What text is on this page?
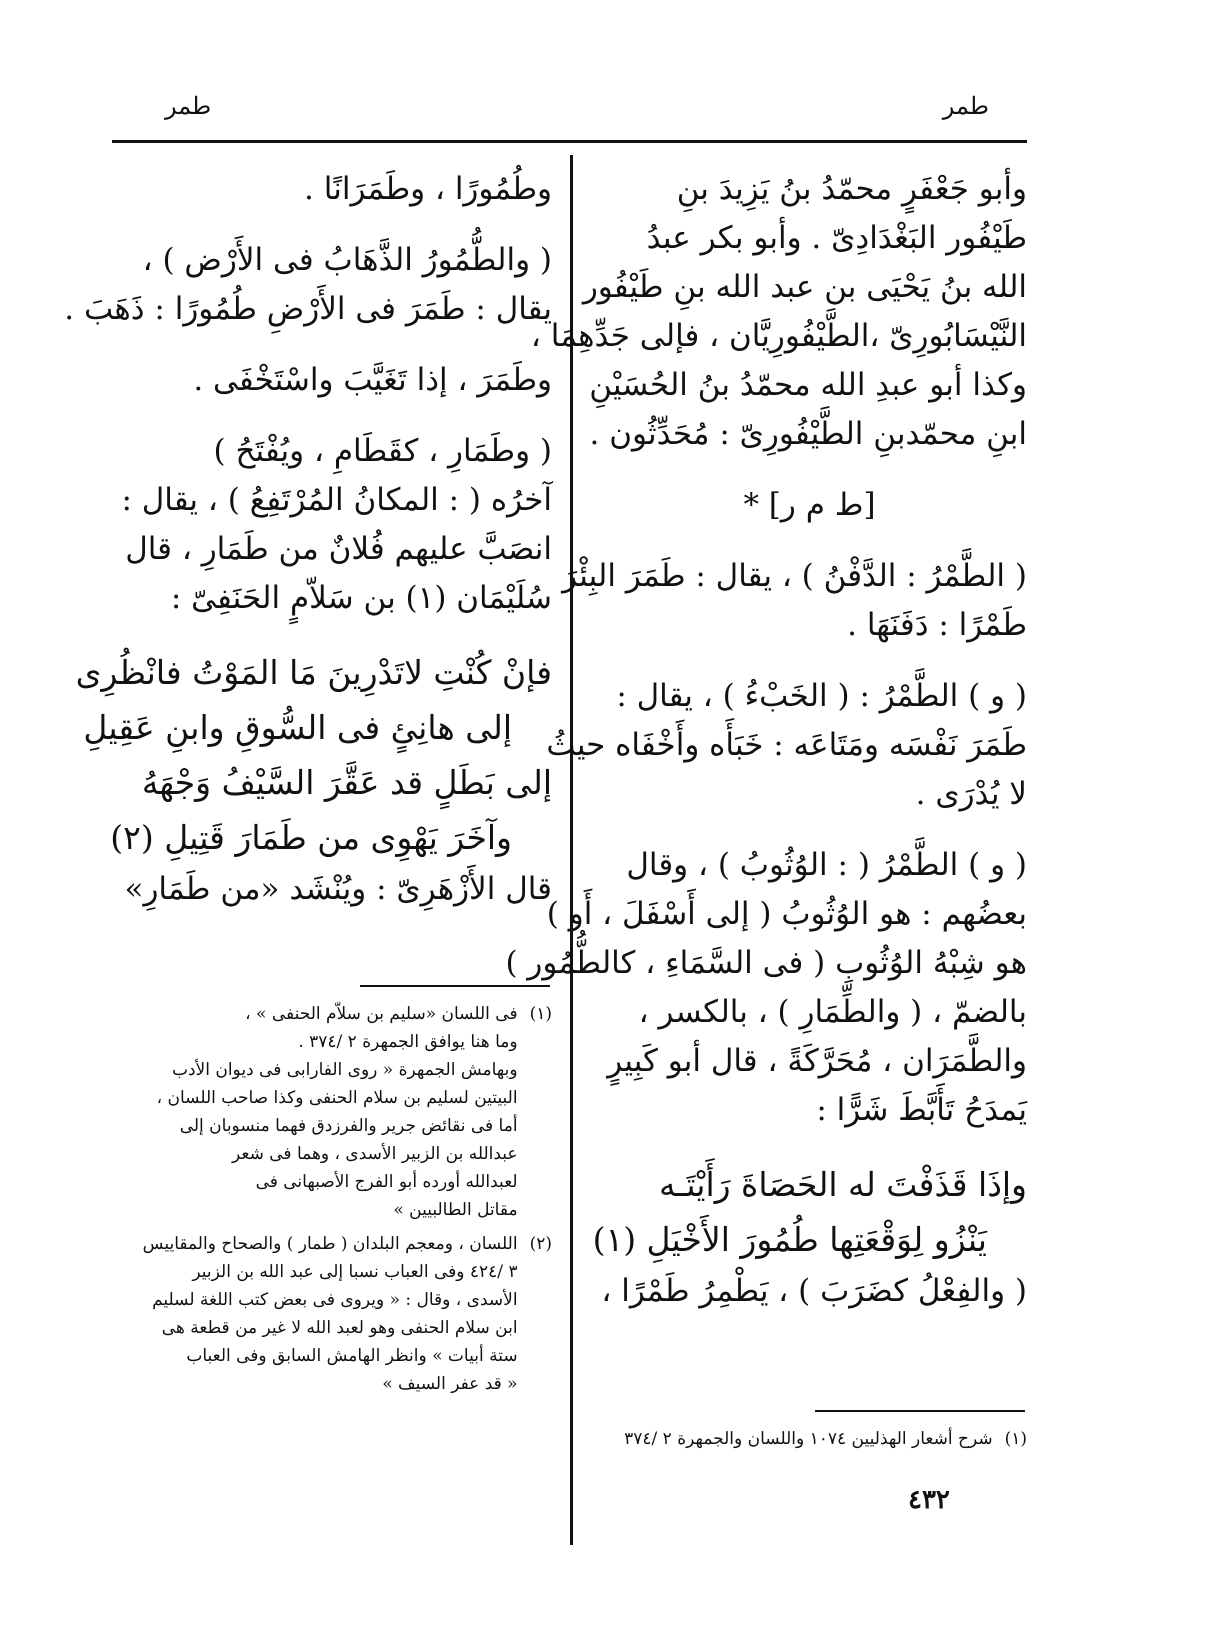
طمر
طمر
وأبو جَعْفَرٍ محمّدُ بنُ يَزِيدَ بنِ
طَيْفُور البَغْدَادِىّ . وأبو بكر عبدُ
الله بنُ يَحْيَى بن عبد الله بنِ طَيْفُور
النَّيْسَابُورِىّ ،الطَّيْفُورِيَّان ، فإلى جَدِّهِمَا ،
وكذا أبو عبدِ الله محمّدُ بنُ الحُسَيْنِ
ابنِ محمّدبنِ الطَّيْفُورِىّ : مُحَدِّثُون .
[ط م ر] *
( الطَّمْرُ : الدَّفْنُ ) ، يقال : طَمَرَ البِئْرَ
طَمْرًا : دَفَنَهَا .
( و ) الطَّمْرُ : ( الخَبْءُ ) ، يقال :
طَمَرَ نَفْسَه ومَتَاعَه : خَبَأَه وأَخْفَاه حيثُ
لا يُدْرَى .
( و ) الطَّمْرُ ( : الوُثُوبُ ) ، وقال
بعضُهم : هو الوُثُوبُ ( إلى أَسْفَلَ ، أَو )
هو شِبْهُ الوُثُوبِ ( فى السَّمَاءِ ، كالطُّمُور )
بالضمّ ، ( والطِّمَارِ ) ، بالكسر ،
والطَّمَرَان ، مُحَرَّكَةً ، قال أبو كَبِيرٍ
يَمدَحُ تَأَبَّطَ شَرًّا :
وإذَا قَذَفْتَ له الحَصَاةَ رَأَيْتَـه
يَنْزُو لِوَقْعَتِها طُمُورَ الأَخْيَلِ (١)
( والفِعْلُ كضَرَبَ ) ، يَطْمِرُ طَمْرًا ،
(١)
شرح أشعار الهذليين ١٠٧٤ واللسان والجمهرة ٢ /٣٧٤
وطُمُورًا ، وطَمَرَانًا .
( والطُّمُورُ الذَّهَابُ فى الأَرْض ) ،
يقال : طَمَرَ فى الأَرْضِ طُمُورًا : ذَهَبَ .
وطَمَرَ ، إذا تَغَيَّبَ واسْتَخْفَى .
( وطَمَارِ ، كقَطَامِ ، ويُفْتَحُ )
آخرُه ( : المكانُ المُرْتَفِعُ ) ، يقال :
انصَبَّ عليهم فُلانٌ من طَمَارِ ، قال
سُلَيْمَان (١) بن سَلاّمٍ الحَنَفِىّ :
فإنْ كُنْتِ لاتَدْرِينَ مَا المَوْتُ فانْظُرِى
إلى هانِئٍ فى السُّوقِ وابنِ عَقِيلِ
إلى بَطَلٍ قد عَقَّرَ السَّيْفُ وَجْهَهُ
وآخَرَ يَهْوِى من طَمَارَ قَتِيلِ (٢)
قال الأَزْهَرِىّ : ويُنْشَد «من طَمَارِ»
(١)
فى اللسان «سليم بن سلاّم الحنفى » ،
وما هنا يوافق الجمهرة ٢ /٣٧٤ .
وبهامش الجمهرة « روى الفارابى فى ديوان الأدب
البيتين لسليم بن سلام الحنفى وكذا صاحب اللسان ،
أما فى نقائض جرير والفرزدق فهما منسوبان إلى
عبدالله بن الزبير الأسدى ، وهما فى شعر
لعبدالله أورده أبو الفرج الأصبهانى فى
مقاتل الطالبيين »
(٢)
اللسان ، ومعجم البلدان ( طمار ) والصحاح والمقاييس
٣ /٤٢٤ وفى العباب نسبا إلى عبد الله بن الزبير
الأسدى ، وقال : « ويروى فى بعض كتب اللغة لسليم
ابن سلام الحنفى وهو لعبد الله لا غير من قطعة هى
ستة أبيات » وانظر الهامش السابق وفى العباب
« قد عفر السيف »
٤٣٢
